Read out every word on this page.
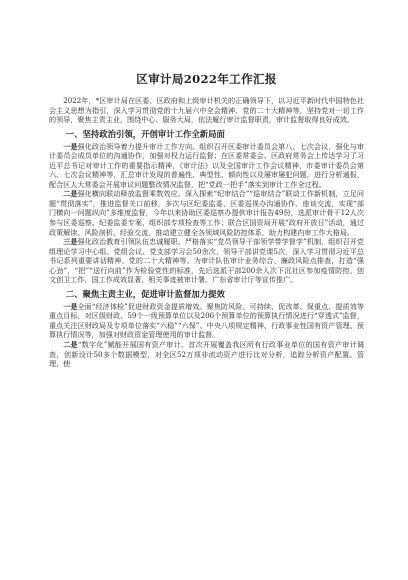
区审计局2022年工作汇报

2022年，*区审计局在区委、区政府和上级审计机关的正确领导下，以习近平新时代中国特色社会主义思想为指引，深入学习贯彻党的十九届六中全会精神、党的二十大精神等，坚持党对一切工作的领导，聚焦主责主业，围绕中心、服务大局，依法履行审计监督职责，审计监督取得良好成效。

一、坚持政治引领，开创审计工作全新局面

一是强化政治领导着力提升审计工作方向。组织召开区委审计委员会第八、七次会议，强化与审计委员会成员单位的沟通协作，加强对权力运行监督；在区委常委会、区政府常务会上传达学习了习近平总书记对审计工作的重要指示精神，《审计法》以及全国审计工作会议精神，市委审计委员会第六、七次会议精神等，汇总审计发现的普遍性、典型性、倾向性以及屡审屡犯问题，进行分析通报，配合区人大常委会开展审议问题整改情况监督，把“党政一把手”落实到审计工作全过程。

二是强化横向联动释放监督乘数效应。深入探索“纪审结合”“巡审结合”联动工作新机制，立足问题“贯彻落实”，推进监督关口前移，多次与区纪委监委、区委巡视办沟通协作、座谈交流，实现“部门横向一问题纵向”多维度监督，今年以来协助区委巡察办提供审计报告49份，选派审计骨干12人次参与区委巡察、纪委监委专案、组织部专项检查等工作；联合区国资局开展“政府开放日”活动，通过政策解读、风险剖析、经验交流，推动建立健全各领域风险防控体系，助力构建内审工作大格局。

三是强化政治教育引领队伍忠诚履职。严格落实“党员领导干部领学带学督学”机制，组织召开党组理论学习中心组、党组会议、党支部学习会50余次，领导干部讲党课5次，深入学习贯彻习近平总书记系列重要讲话精神、党的二十大精神等。为审计队伍审计业务综合、廉政风险点排查，打造“强心劲”，“把”“送行向前”作为检验党性的标准，先后选派干部200余人次下沉社区参加疫情防控、创文创卫工作，国工作成效显著，相关事迹被审计署、广东省审计厅等宣传推广。

二、聚焦主责主业，促进审计监督加力提效

一是全面“经济体检”促进财政资金提质增效。聚焦防风险、可持续、促改革、保重点、提质效等重点目标，对区级财政、59个一级预算单位以及206个预算单位的预算执行情况进行“穿透式”监督，重点关注区财政局及专项单位落实“六稳”“六保”、中央八项规定精神、行政事业性国有资产管理、预算执行情况等，加强对财政资金管理使用的审计监督。

二是“数字化”赋能开展国有资产审计。首次开展覆盖我区所有行政事业单位的国有资产审计调查，创新设计50多个数据模型，对全区52万项非流动资产进行比对分析，追踪分析资产配置、管理、使
